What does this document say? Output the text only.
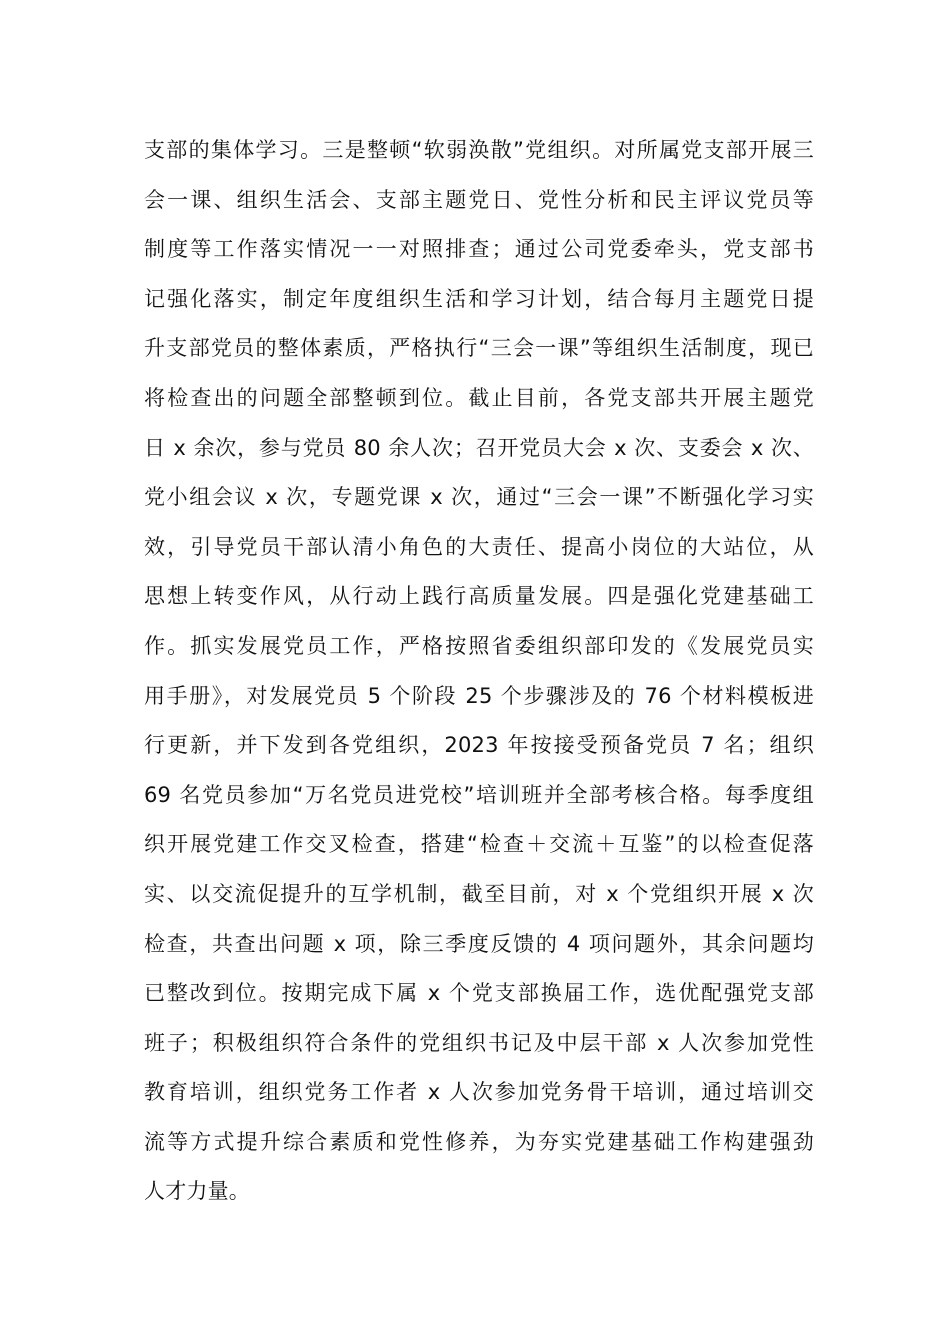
支部的集体学习。三是整顿“软弱涣散”党组织。对所属党支部开展三
会一课、组织生活会、支部主题党日、党性分析和民主评议党员等
制度等工作落实情况一一对照排查；通过公司党委牵头，党支部书
记强化落实，制定年度组织生活和学习计划，结合每月主题党日提
升支部党员的整体素质，严格执行“三会一课”等组织生活制度，现已
将检查出的问题全部整顿到位。截止目前，各党支部共开展主题党
日 x 余次，参与党员 80 余人次；召开党员大会 x 次、支委会 x 次、
党小组会议 x 次，专题党课 x 次，通过“三会一课”不断强化学习实
效，引导党员干部认清小角色的大责任、提高小岗位的大站位，从
思想上转变作风，从行动上践行高质量发展。四是强化党建基础工
作。抓实发展党员工作，严格按照省委组织部印发的《发展党员实
用手册》，对发展党员 5 个阶段 25 个步骤涉及的 76 个材料模板进
行更新，并下发到各党组织，2023 年按接受预备党员 7 名；组织
69 名党员参加“万名党员进党校”培训班并全部考核合格。每季度组
织开展党建工作交叉检查，搭建“检查＋交流＋互鉴”的以检查促落
实、以交流促提升的互学机制，截至目前，对 x 个党组织开展 x 次
检查，共查出问题 x 项，除三季度反馈的 4 项问题外，其余问题均
已整改到位。按期完成下属 x 个党支部换届工作，选优配强党支部
班子；积极组织符合条件的党组织书记及中层干部 x 人次参加党性
教育培训，组织党务工作者 x 人次参加党务骨干培训，通过培训交
流等方式提升综合素质和党性修养，为夯实党建基础工作构建强劲
人才力量。
